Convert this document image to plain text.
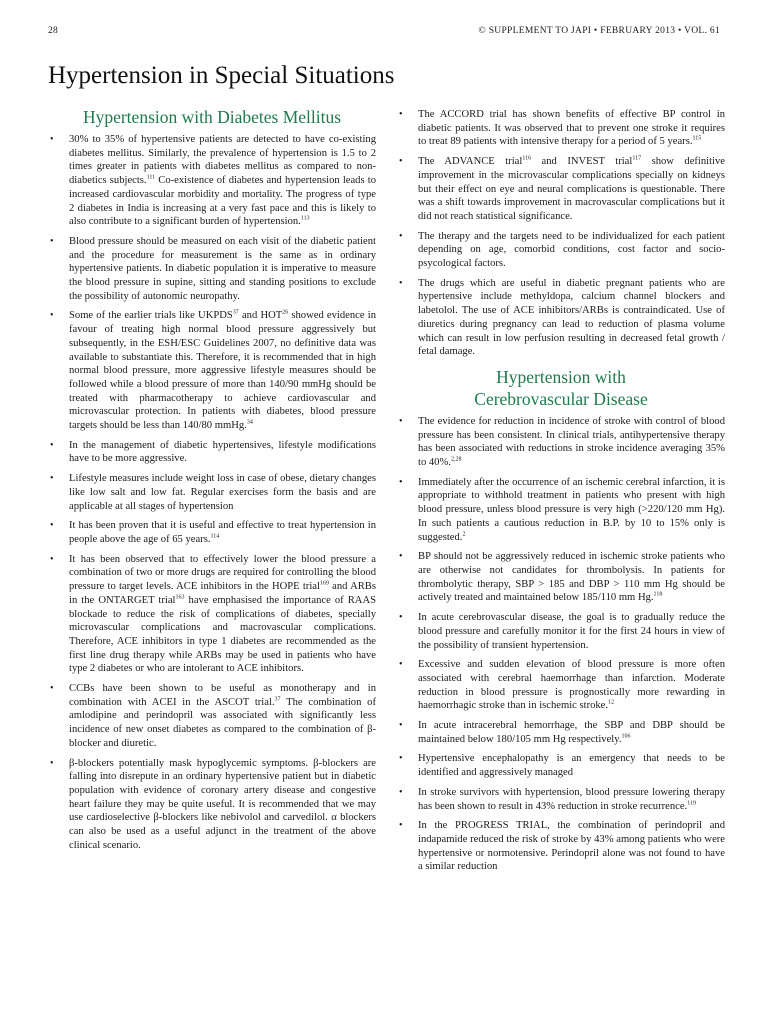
28	© SUPPLEMENT TO JAPI • FEBRUARY 2013 • VOL. 61
Hypertension in Special Situations
Hypertension with Diabetes Mellitus
• 30% to 35% of hypertensive patients are detected to have co-existing diabetes mellitus. Similarly, the prevalence of hypertension is 1.5 to 2 times greater in patients with diabetes mellitus as compared to non-diabetics subjects.$^{111}$ Co-existence of diabetes and hypertension leads to increased cardiovascular morbidity and mortality. The progress of type 2 diabetes in India is increasing at a very fast pace and this is likely to also contribute to a significant burden of hypertension.$^{113}$
• Blood pressure should be measured on each visit of the diabetic patient and the procedure for measurement is the same as in ordinary hypertensive patients. In diabetic population it is imperative to measure the blood pressure in supine, sitting and standing positions to exclude the possibility of autonomic neuropathy.
• Some of the earlier trials like UKPDS$^{37}$ and HOT$^{26}$ showed evidence in favour of treating high normal blood pressure aggressively but subsequently, in the ESH/ESC Guidelines 2007, no definitive data was available to substantiate this. Therefore, it is recommended that in high normal blood pressure, more aggressive lifestyle measures should be followed while a blood pressure of more than 140/90 mmHg should be treated with pharmacotherapy to achieve cardiovascular and microvascular protection. In patients with diabetes, blood pressure targets should be less than 140/80 mmHg.$^{34}$
• In the management of diabetic hypertensives, lifestyle modifications have to be more aggressive.
• Lifestyle measures include weight loss in case of obese, dietary changes like low salt and low fat. Regular exercises form the basis and are applicable at all stages of hypertension
• It has been proven that it is useful and effective to treat hypertension in people above the age of 65 years.$^{114}$
• It has been observed that to effectively lower the blood pressure a combination of two or more drugs are required for controlling the blood pressure to target levels. ACE inhibitors in the HOPE trial$^{169}$ and ARBs in the ONTARGET trial$^{163}$ have emphasised the importance of RAAS blockade to reduce the risk of complications of diabetes, specially microvascular complications and macrovascular complications. Therefore, ACE inhibitors in type 1 diabetes are recommended as the first line drug therapy while ARBs may be used in patients who have type 2 diabetes or who are intolerant to ACE inhibitors.
• CCBs have been shown to be useful as monotherapy and in combination with ACEI in the ASCOT trial.$^{37}$ The combination of amlodipine and perindopril was associated with significantly less incidence of new onset diabetes as compared to the combination of β-blocker and diuretic.
• β-blockers potentially mask hypoglycemic symptoms. β-blockers are falling into disrepute in an ordinary hypertensive patient but in diabetic population with evidence of coronary artery disease and congestive heart failure they may be quite useful. It is recommended that we may use cardioselective β-blockers like nebivolol and carvedilol. α blockers can also be used as a useful adjunct in the treatment of the above clinical scenario.
• The ACCORD trial has shown benefits of effective BP control in diabetic patients. It was observed that to prevent one stroke it requires to treat 89 patients with intensive therapy for a period of 5 years.$^{115}$
• The ADVANCE trial$^{116}$ and INVEST trial$^{117}$ show definitive improvement in the microvascular complications specially on kidneys but their effect on eye and neural complications is questionable. There was a shift towards improvement in macrovascular complications but it did not reach statistical significance.
• The therapy and the targets need to be individualized for each patient depending on age, comorbid conditions, cost factor and socio-psycological factors.
• The drugs which are useful in diabetic pregnant patients who are hypertensive include methyldopa, calcium channel blockers and labetolol. The use of ACE inhibitors/ARBs is contraindicated. Use of diuretics during pregnancy can lead to reduction of plasma volume which can result in low perfusion resulting in decreased fetal growth / fetal damage.
Hypertension with
Cerebrovascular Disease
• The evidence for reduction in incidence of stroke with control of blood pressure has been consistent. In clinical trials, antihypertensive therapy has been associated with reductions in stroke incidence averaging 35% to 40%.$^{2,28}$
• Immediately after the occurrence of an ischemic cerebral infarction, it is appropriate to withhold treatment in patients who present with high blood pressure, unless blood pressure is very high (>220/120 mm Hg). In such patients a cautious reduction in B.P. by 10 to 15% only is suggested.$^2$
• BP should not be aggressively reduced in ischemic stroke patients who are otherwise not candidates for thrombolysis. In patients for thrombolytic therapy, SBP > 185 and DBP > 110 mm Hg should be actively treated and maintained below 185/110 mm Hg.$^{118}$
• In acute cerebrovascular disease, the goal is to gradually reduce the blood pressure and carefully monitor it for the first 24 hours in view of the possibility of transient hypertension.
• Excessive and sudden elevation of blood pressure is more often associated with cerebral haemorrhage than infarction. Moderate reduction in blood pressure is prognostically more rewarding in haemorrhagic stroke than in ischemic stroke.$^{12}$
• In acute intracerebral hemorrhage, the SBP and DBP should be maintained below 180/105 mm Hg respectively.$^{106}$
• Hypertensive encephalopathy is an emergency that needs to be identified and aggressively managed
• In stroke survivors with hypertension, blood pressure lowering therapy has been shown to result in 43% reduction in stroke recurrence.$^{119}$
• In the PROGRESS TRIAL, the combination of perindopril and indapamide reduced the risk of stroke by 43% among patients who were hypertensive or normotensive. Perindopril alone was not found to have a similar reduction
